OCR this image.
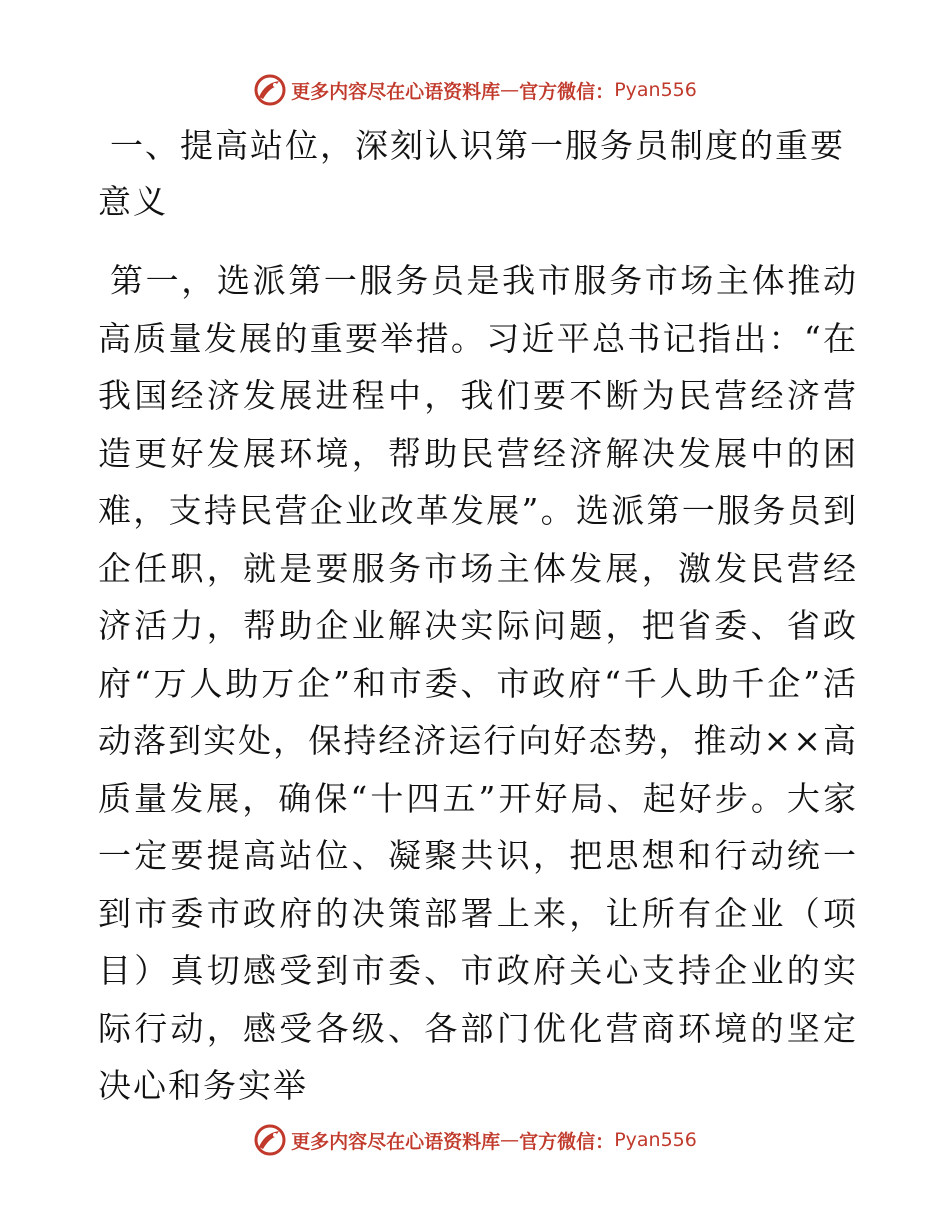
更多内容尽在心语资料库 — 官方微信： Pyan556
一、提高站位，深刻认识第一服务员制度的重要意义

第一，选派第一服务员是我市服务市场主体推动高质量发展的重要举措。习近平总书记指出：“在我国经济发展进程中，我们要不断为民营经济营造更好发展环境，帮助民营经济解决发展中的困难，支持民营企业改革发展”。选派第一服务员到企任职，就是要服务市场主体发展，激发民营经济活力，帮助企业解决实际问题，把省委、省政府“万人助万企”和市委、市政府“千人助千企”活动落到实处，保持经济运行向好态势，推动××高质量发展，确保“十四五”开好局、起好步。大家一定要提高站位、凝聚共识，把思想和行动统一到市委市政府的决策部署上来，让所有企业（项目）真切感受到市委、市政府关心支持企业的实际行动，感受各级、各部门优化营商环境的坚定决心和务实举

更多内容尽在心语资料库 — 官方微信： Pyan556
